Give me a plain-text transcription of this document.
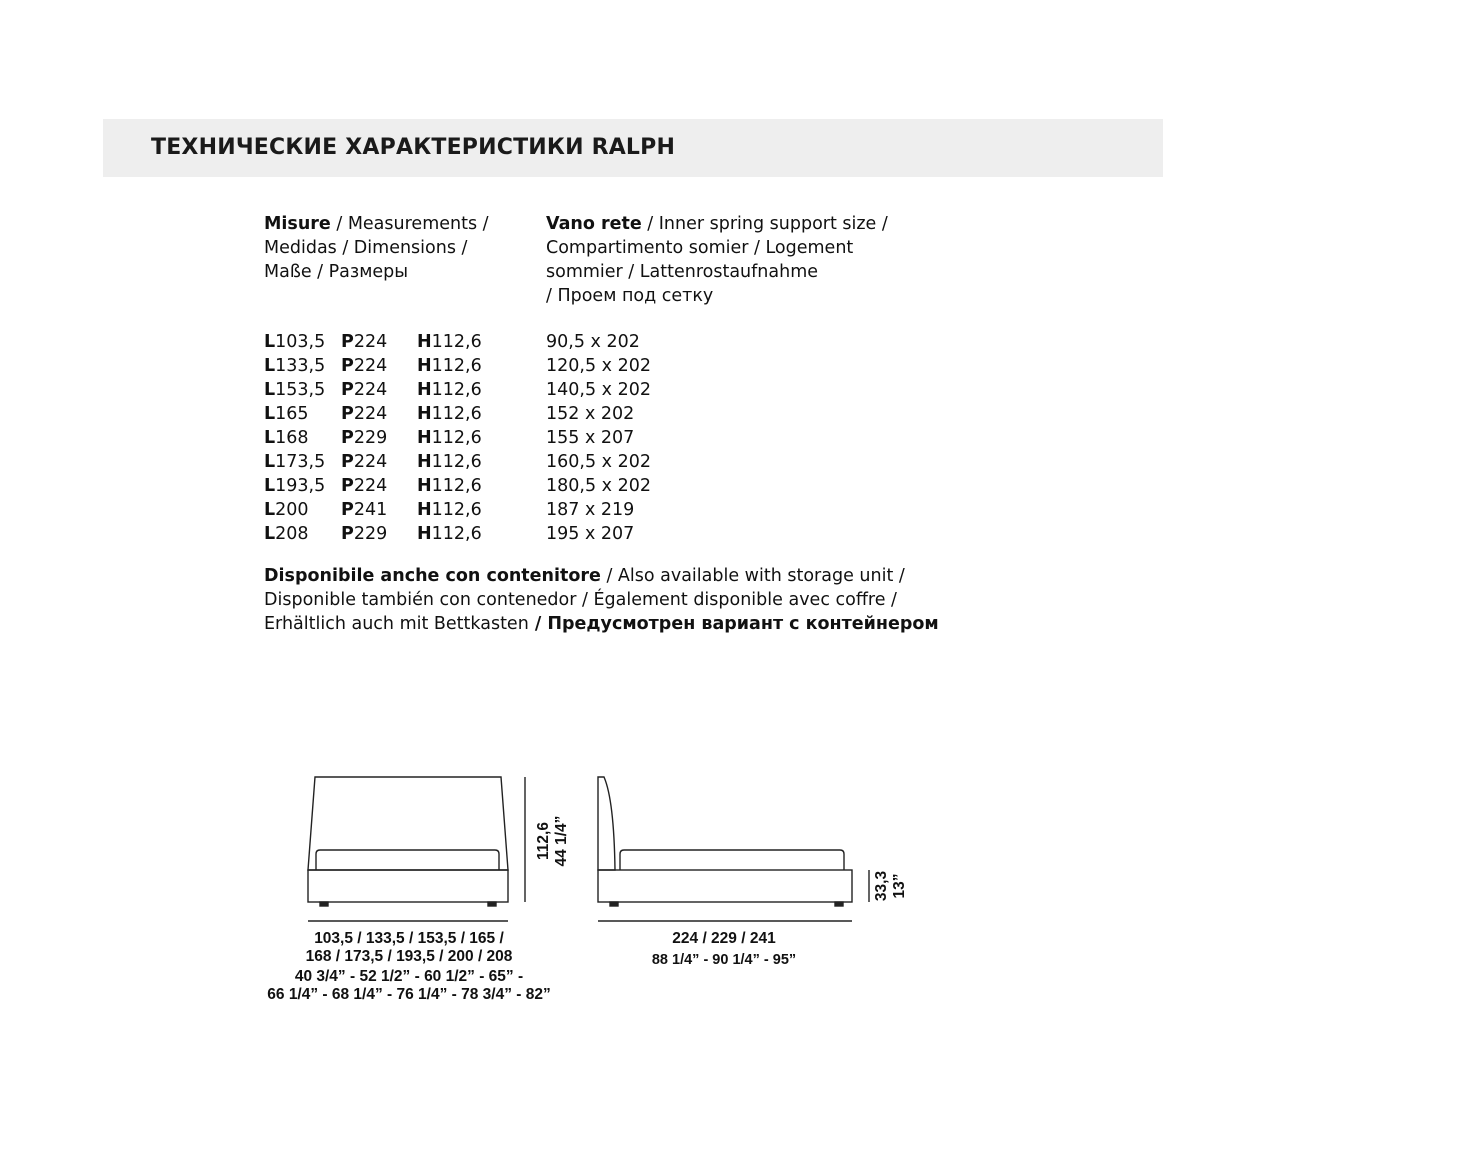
ТЕХНИЧЕСКИЕ ХАРАКТЕРИСТИКИ RALPH
Misure / Measurements /
Medidas / Dimensions /
Maße / Размеры
Vano rete / Inner spring support size /
Compartimento somier / Logement
sommier / Lattenrostaufnahme
/ Проем под сетку
L103,5 P224 H112,6	90,5 x 202
L133,5 P224 H112,6	120,5 x 202
L153,5 P224 H112,6	140,5 x 202
L165 P224 H112,6	152 x 202
L168 P229 H112,6	155 x 207
L173,5 P224 H112,6	160,5 x 202
L193,5 P224 H112,6	180,5 x 202
L200 P241 H112,6	187 x 219
L208 P229 H112,6	195 x 207
Disponibile anche con contenitore / Also available with storage unit /
Disponible también con contenedor / Également disponible avec coffre /
Erhältlich auch mit Bettkasten / Предусмотрен вариант с контейнером
112,6 44 1/4”
33,3 13”
103,5 / 133,5 / 153,5 / 165 /
168 / 173,5 / 193,5 / 200 / 208
40 3/4” - 52 1/2” - 60 1/2” - 65” -
66 1/4” - 68 1/4” - 76 1/4” - 78 3/4” - 82”
224 / 229 / 241
88 1/4” - 90 1/4” - 95”
